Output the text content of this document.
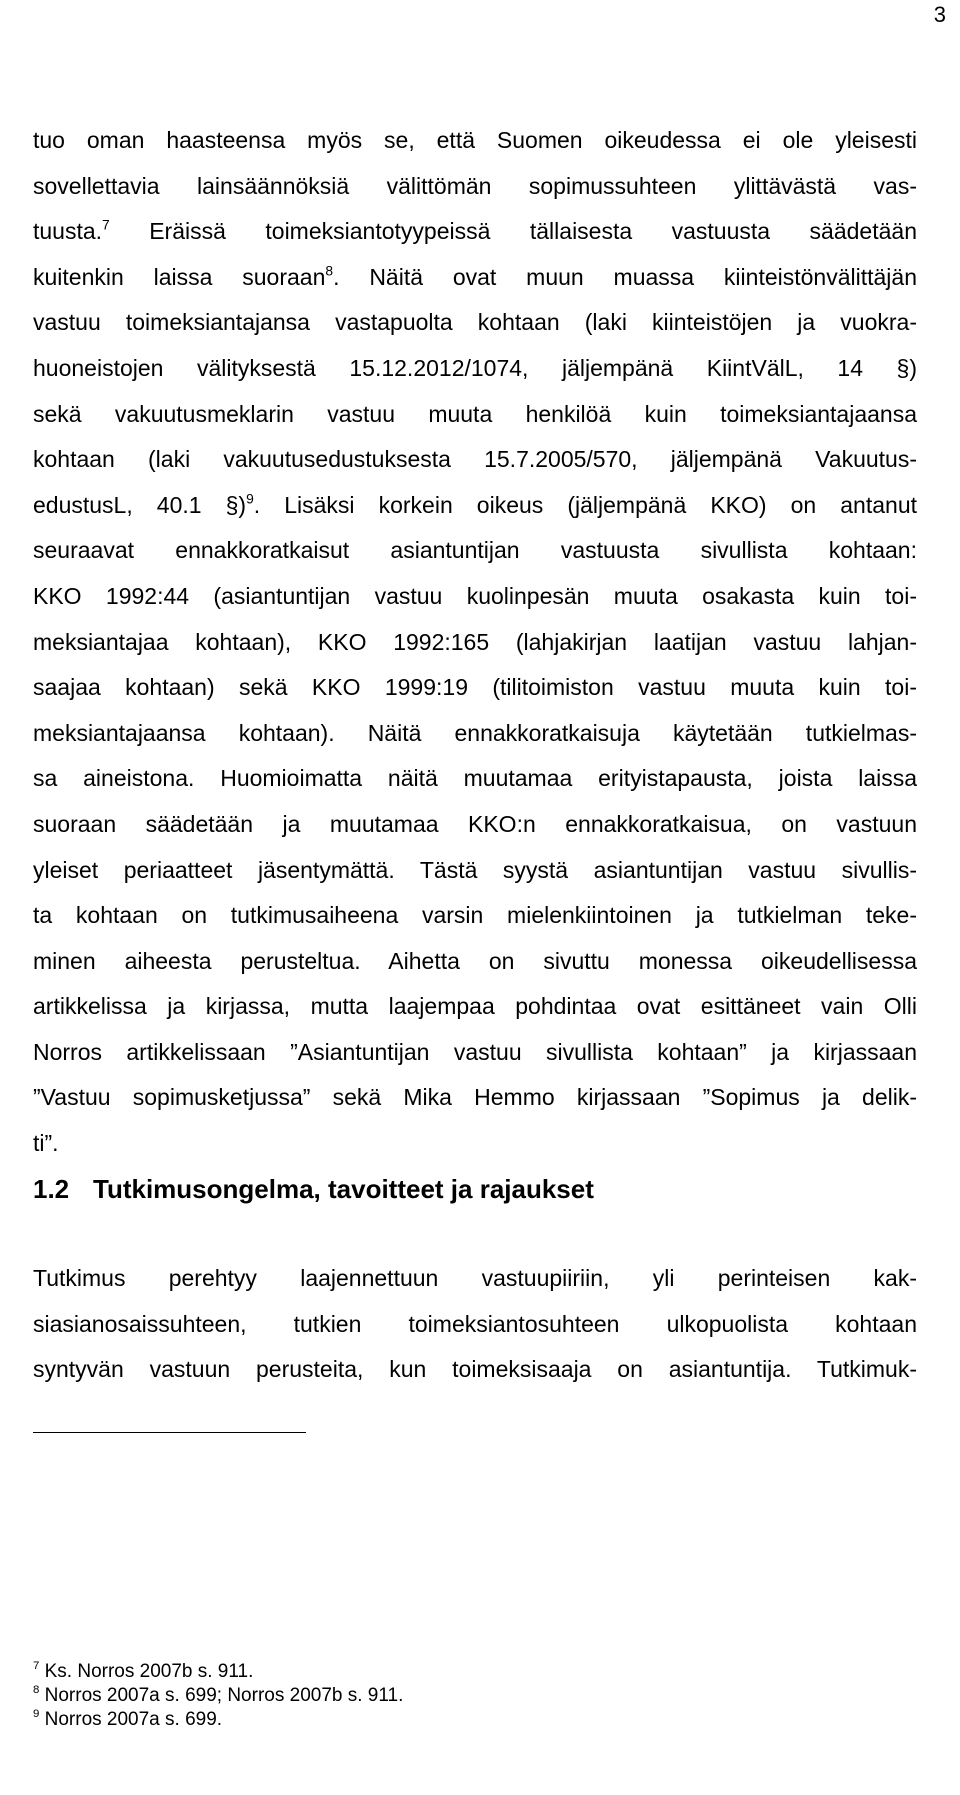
3
tuo oman haasteensa myös se, että Suomen oikeudessa ei ole yleisesti
sovellettavia lainsäännöksiä välittömän sopimussuhteen ylittävästä vas-
tuusta.$^7$ Eräissä toimeksiantotyypeissä tällaisesta vastuusta säädetään
kuitenkin laissa suoraan$^8$. Näitä ovat muun muassa kiinteistönvälittäjän
vastuu toimeksiantajansa vastapuolta kohtaan (laki kiinteistöjen ja vuokra-
huoneistojen välityksestä 15.12.2012/1074, jäljempänä KiintVälL, 14 §)
sekä vakuutusmeklarin vastuu muuta henkilöä kuin toimeksiantajaansa
kohtaan (laki vakuutusedustuksesta 15.7.2005/570, jäljempänä Vakuutus-
edustusL, 40.1 §)$^9$. Lisäksi korkein oikeus (jäljempänä KKO) on antanut
seuraavat ennakkoratkaisut asiantuntijan vastuusta sivullista kohtaan:
KKO 1992:44 (asiantuntijan vastuu kuolinpesän muuta osakasta kuin toi-
meksiantajaa kohtaan), KKO 1992:165 (lahjakirjan laatijan vastuu lahjan-
saajaa kohtaan) sekä KKO 1999:19 (tilitoimiston vastuu muuta kuin toi-
meksiantajaansa kohtaan). Näitä ennakkoratkaisuja käytetään tutkielmas-
sa aineistona. Huomioimatta näitä muutamaa erityistapausta, joista laissa
suoraan säädetään ja muutamaa KKO:n ennakkoratkaisua, on vastuun
yleiset periaatteet jäsentymättä. Tästä syystä asiantuntijan vastuu sivullis-
ta kohtaan on tutkimusaiheena varsin mielenkiintoinen ja tutkielman teke-
minen aiheesta perusteltua. Aihetta on sivuttu monessa oikeudellisessa
artikkelissa ja kirjassa, mutta laajempaa pohdintaa ovat esittäneet vain Olli
Norros artikkelissaan ”Asiantuntijan vastuu sivullista kohtaan” ja kirjassaan
”Vastuu sopimusketjussa” sekä Mika Hemmo kirjassaan ”Sopimus ja delik-
ti”.
1.2 Tutkimusongelma, tavoitteet ja rajaukset
Tutkimus perehtyy laajennettuun vastuupiiriin, yli perinteisen kak-
siasianosaissuhteen, tutkien toimeksiantosuhteen ulkopuolista kohtaan
syntyvän vastuun perusteita, kun toimeksisaaja on asiantuntija. Tutkimuk-
$^7$ Ks. Norros 2007b s. 911.
$^8$ Norros 2007a s. 699; Norros 2007b s. 911.
$^9$ Norros 2007a s. 699.
